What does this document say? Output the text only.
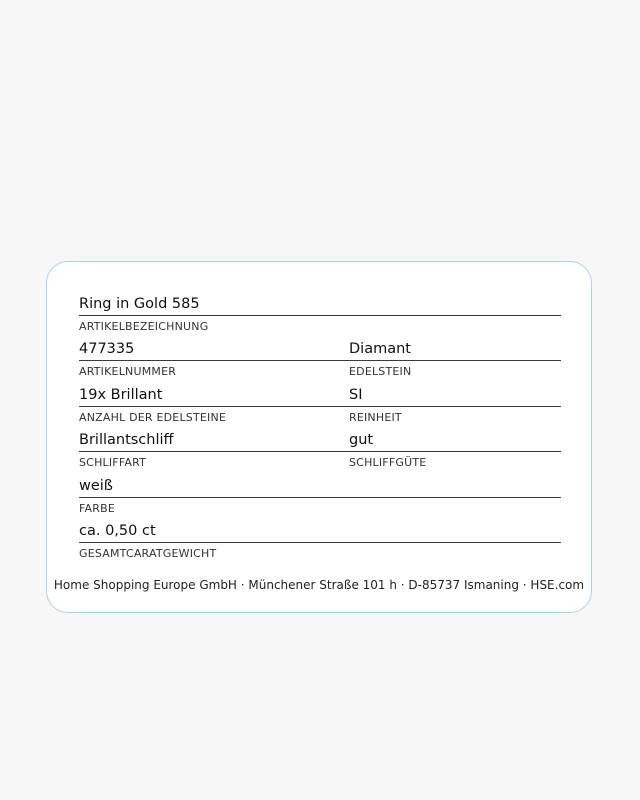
Ring in Gold 585
ARTIKELBEZEICHNUNG
477335
ARTIKELNUMMER
Diamant
EDELSTEIN
19x Brillant
ANZAHL DER EDELSTEINE
SI
REINHEIT
Brillantschliff
SCHLIFFART
gut
SCHLIFFGÜTE
weiß
FARBE
ca. 0,50 ct
GESAMTCARATGEWICHT
Home Shopping Europe GmbH · Münchener Straße 101 h · D-85737 Ismaning · HSE.com
